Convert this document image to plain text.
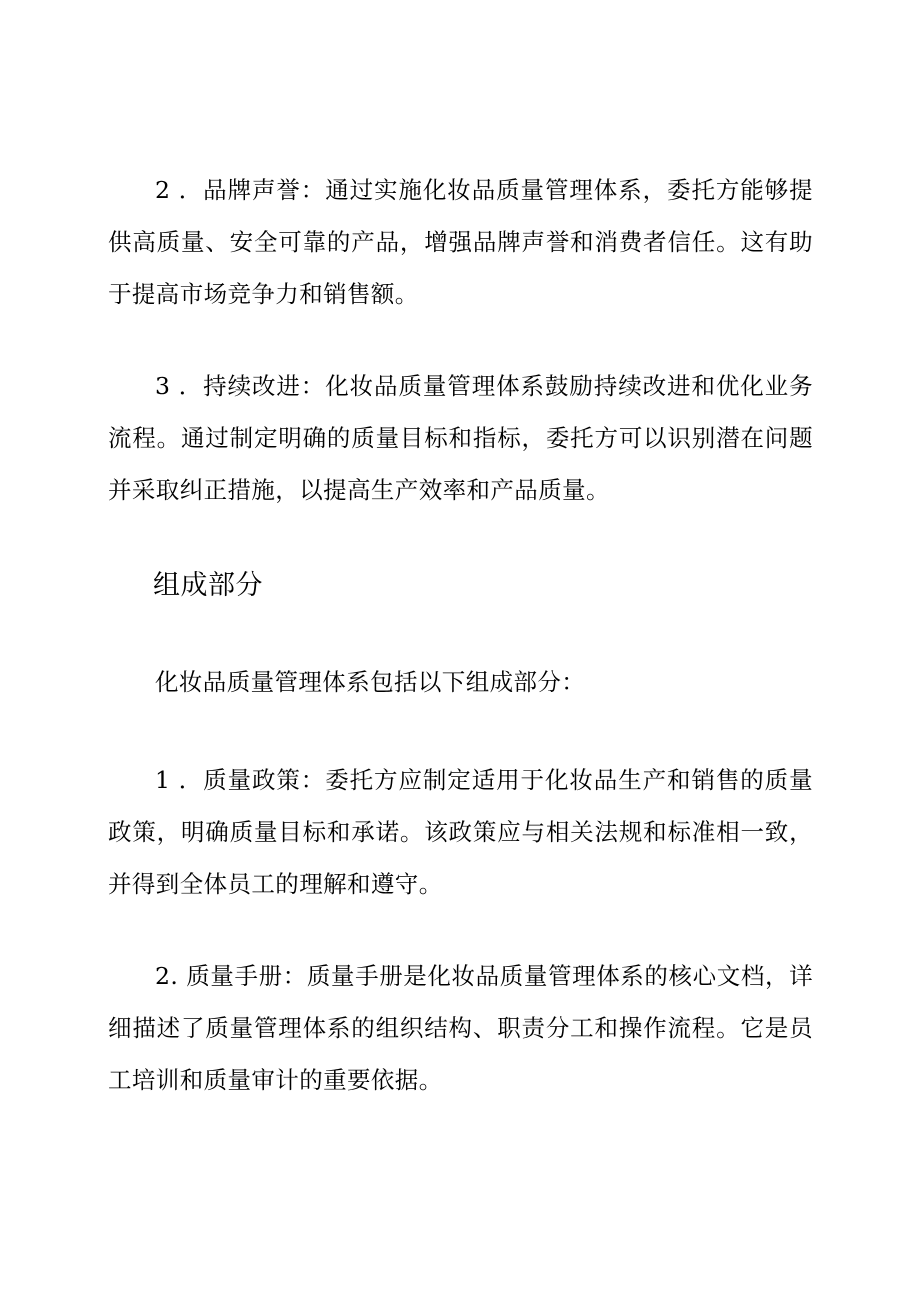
2 ．品牌声誉：通过实施化妆品质量管理体系，委托方能够提供高质量、安全可靠的产品，增强品牌声誉和消费者信任。这有助于提高市场竞争力和销售额。

3 ．持续改进：化妆品质量管理体系鼓励持续改进和优化业务流程。通过制定明确的质量目标和指标，委托方可以识别潜在问题并采取纠正措施，以提高生产效率和产品质量。

组成部分

化妆品质量管理体系包括以下组成部分：

1 ．质量政策：委托方应制定适用于化妆品生产和销售的质量政策，明确质量目标和承诺。该政策应与相关法规和标准相一致，并得到全体员工的理解和遵守。

2. 质量手册：质量手册是化妆品质量管理体系的核心文档，详细描述了质量管理体系的组织结构、职责分工和操作流程。它是员工培训和质量审计的重要依据。
